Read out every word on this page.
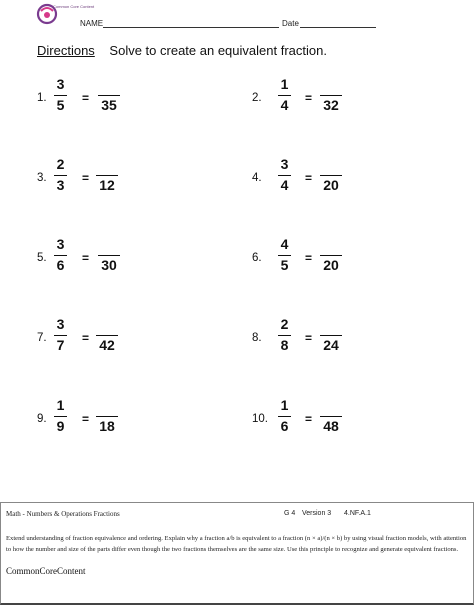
Common Core Content
NAME	Date
Directions Solve to create an equivalent fraction.
1.
3
5 = 35	2.
1
4 = 32
3.
2
3 = 12	4.
3
4 = 20
5.
3
6 = 30	6.
4
5 = 20
7.
3
7 = 42	8.
2
8 = 24
9.
1
9 = 18	10.
1
6 = 48
Math - Numbers & Operations Fractions	G 4 Version 3 4.NF.A.1
Extend understanding of fraction equivalence and ordering. Explain why a fraction a/b is equivalent to a fraction (n × a)/(n × b) by using visual fraction models, with attention to how the number and size of the parts differ even though the two fractions themselves are the same size. Use this principle to recognize and generate equivalent fractions.
CommonCoreContent
